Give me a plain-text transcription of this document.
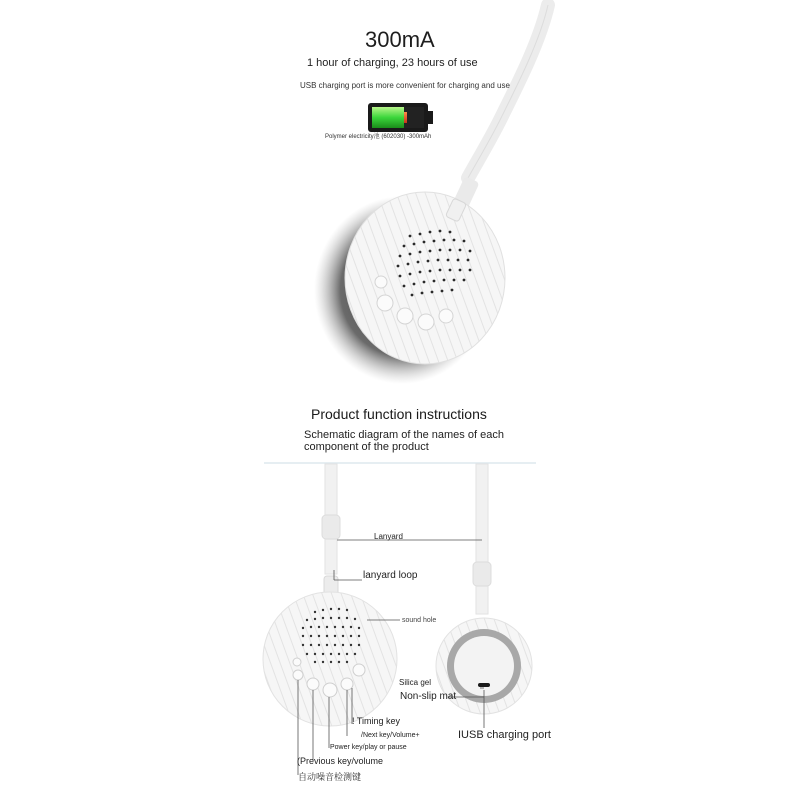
300mA
1 hour of charging, 23 hours of use
USB charging port is more convenient for charging and use
Polymer electricity池 (602030) -300mAh
Product function instructions
Schematic diagram of the names of each component of the product
Lanyard
lanyard loop
sound hole
Silica gel
Non-slip mat
! Timing key
/Next key/Volume+
Power key/play or pause
(Previous key/volume
自动噪音检测键
IUSB charging port
